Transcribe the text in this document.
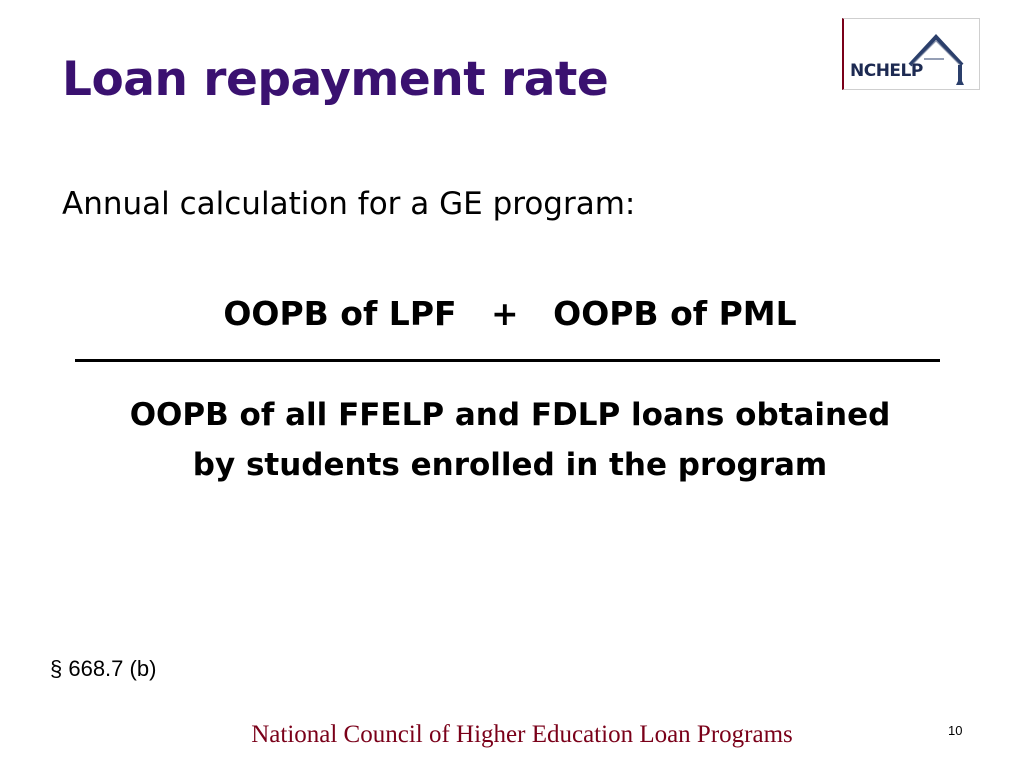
Loan repayment rate	NCHELP

Annual calculation for a GE program:

OOPB of LPF   +   OOPB of PML
OOPB of all FFELP and FDLP loans obtained
by students enrolled in the program
§ 668.7 (b)
National Council of Higher Education Loan Programs	10
